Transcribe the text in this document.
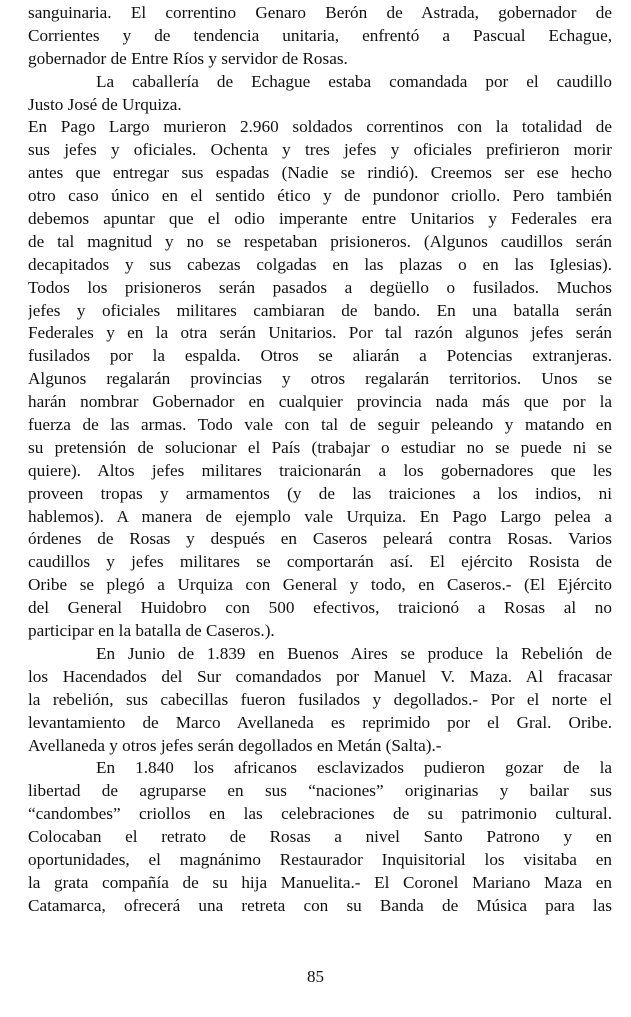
sanguinaria. El correntino Genaro Berón de Astrada, gobernador de
Corrientes y de tendencia unitaria, enfrentó a Pascual Echague,
gobernador de Entre Ríos y servidor de Rosas.
La caballería de Echague estaba comandada por el caudillo
Justo José de Urquiza.
En Pago Largo murieron 2.960 soldados correntinos con la totalidad de
sus jefes y oficiales. Ochenta y tres jefes y oficiales prefirieron morir
antes que entregar sus espadas (Nadie se rindió). Creemos ser ese hecho
otro caso único en el sentido ético y de pundonor criollo. Pero también
debemos apuntar que el odio imperante entre Unitarios y Federales era
de tal magnitud y no se respetaban prisioneros. (Algunos caudillos serán
decapitados y sus cabezas colgadas en las plazas o en las Iglesias).
Todos los prisioneros serán pasados a degüello o fusilados. Muchos
jefes y oficiales militares cambiaran de bando. En una batalla serán
Federales y en la otra serán Unitarios. Por tal razón algunos jefes serán
fusilados por la espalda. Otros se aliarán a Potencias extranjeras.
Algunos regalarán provincias y otros regalarán territorios. Unos se
harán nombrar Gobernador en cualquier provincia nada más que por la
fuerza de las armas. Todo vale con tal de seguir peleando y matando en
su pretensión de solucionar el País (trabajar o estudiar no se puede ni se
quiere). Altos jefes militares traicionarán a los gobernadores que les
proveen tropas y armamentos (y de las traiciones a los indios, ni
hablemos). A manera de ejemplo vale Urquiza. En Pago Largo pelea a
órdenes de Rosas y después en Caseros peleará contra Rosas. Varios
caudillos y jefes militares se comportarán así. El ejército Rosista de
Oribe se plegó a Urquiza con General y todo, en Caseros.- (El Ejército
del General Huidobro con 500 efectivos, traicionó a Rosas al no
participar en la batalla de Caseros.).
En Junio de 1.839 en Buenos Aires se produce la Rebelión de
los Hacendados del Sur comandados por Manuel V. Maza. Al fracasar
la rebelión, sus cabecillas fueron fusilados y degollados.- Por el norte el
levantamiento de Marco Avellaneda es reprimido por el Gral. Oribe.
Avellaneda y otros jefes serán degollados en Metán (Salta).-
En 1.840 los africanos esclavizados pudieron gozar de la
libertad de agruparse en sus “naciones” originarias y bailar sus
“candombes” criollos en las celebraciones de su patrimonio cultural.
Colocaban el retrato de Rosas a nivel Santo Patrono y en
oportunidades, el magnánimo Restaurador Inquisitorial los visitaba en
la grata compañía de su hija Manuelita.- El Coronel Mariano Maza en
Catamarca, ofrecerá una retreta con su Banda de Música para las
85
